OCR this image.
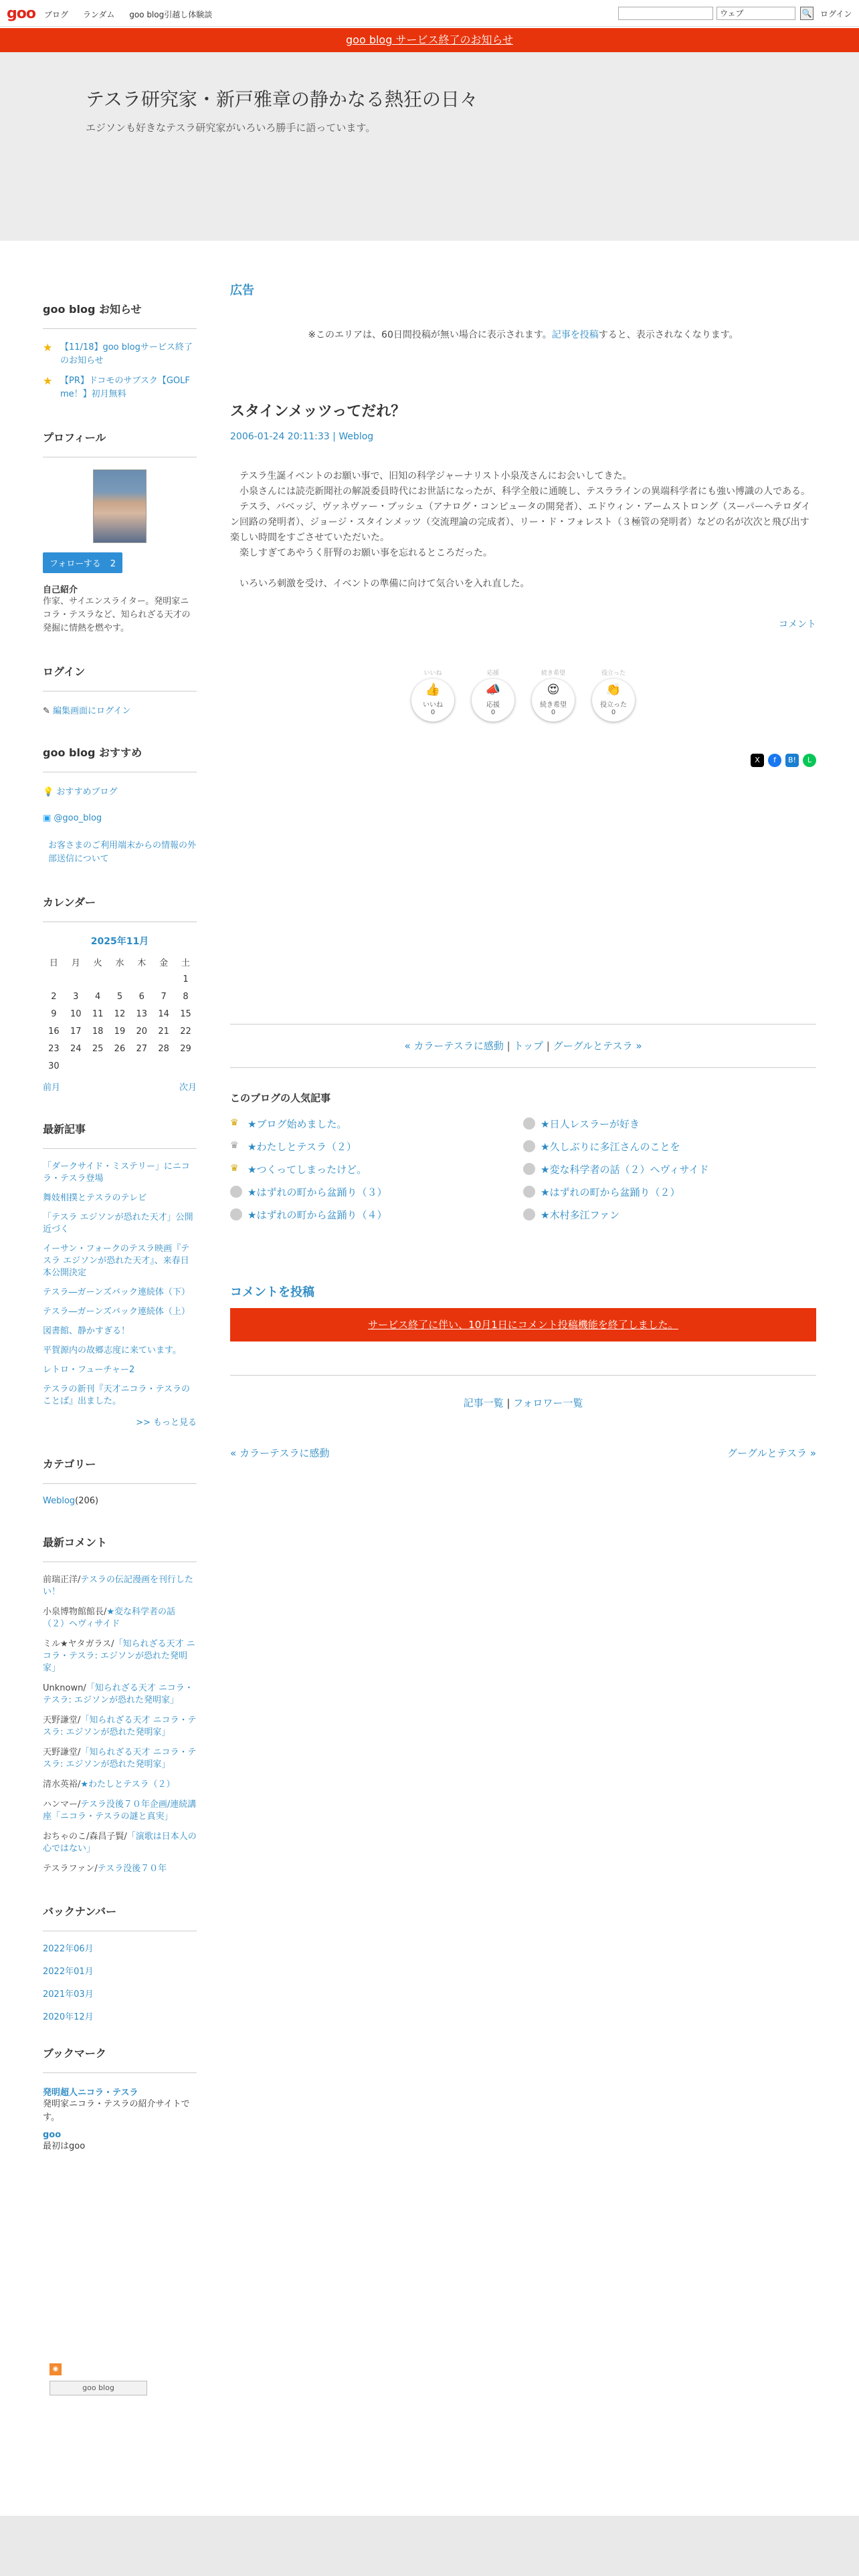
goo ブログ ランダム goo blog引越し体験談	ウェブ	🔍 ログイン
goo blog サービス終了のお知らせ
テスラ研究家・新戸雅章の静かなる熱狂の日々
エジソンも好きなテスラ研究家がいろいろ勝手に語っています。
goo blog お知らせ
★ 【11/18】goo blogサービス終了のお知らせ
★ 【PR】ドコモのサブスク【GOLF me！】初月無料
プロフィール
フォローする 2
自己紹介
作家、サイエンスライター。発明家ニコラ・テスラなど、知られざる天才の発掘に情熱を燃やす。
ログイン
✎ 編集画面にログイン
goo blog おすすめ
💡 おすすめブログ
▣ @goo_blog
お客さまのご利用端末からの情報の外部送信について
カレンダー
2025年11月
日	月	火	水	木	金	土
						1
2	3	4	5	6	7	8
9	10	11	12	13	14	15
16	17	18	19	20	21	22
23	24	25	26	27	28	29
30						
前月	次月
最新記事
「ダークサイド・ミステリー」にニコラ・テスラ登場
舞妓相撲とテスラのテレビ
「テスラ エジソンが恐れた天才」公開近づく
イーサン・フォークのテスラ映画『テスラ エジソンが恐れた天才』、来春日本公開決定
テスラ―ガーンズバック連続体（下）
テスラ―ガーンズバック連続体（上）
図書館、静かすぎる！
平賀源内の故郷志度に来ています。
レトロ・フューチャー2
テスラの新刊『天才ニコラ・テスラのことば』出ました。
>> もっと見る
カテゴリー
Weblog(206)
最新コメント
前瑞正洋/テスラの伝記漫画を刊行したい！
小泉博物館館長/★変な科学者の話（２）ヘヴィサイド
ミル★ヤタガラス/「知られざる天才 ニコラ・テスラ: エジソンが恐れた発明家」
Unknown/「知られざる天才 ニコラ・テスラ: エジソンが恐れた発明家」
天野謙堂/「知られざる天才 ニコラ・テスラ: エジソンが恐れた発明家」
天野謙堂/「知られざる天才 ニコラ・テスラ: エジソンが恐れた発明家」
清水英裕/★わたしとテスラ（２）
ハンマー/テスラ没後７０年企画/連続講座「ニコラ・テスラの謎と真実」
おちゃのこ/森昌子賢/「演歌は日本人の心ではない」
テスラファン/テスラ没後７０年
バックナンバー
2022年06月
2022年01月
2021年03月
2020年12月
ブックマーク
発明超人ニコラ・テスラ
発明家ニコラ・テスラの紹介サイトです。
goo
最初はgoo
◉
goo blog
広告
※このエリアは、60日間投稿が無い場合に表示されます。記事を投稿すると、表示されなくなります。
スタインメッツってだれ？
2006-01-24 20:11:33 | Weblog

　テスラ生誕イベントのお願い事で、旧知の科学ジャーナリスト小泉茂さんにお会いしてきた。

　小泉さんには読売新聞社の解説委員時代にお世話になったが、科学全般に通暁し、テスララインの異端科学者にも強い博識の人である。

　テスラ、バベッジ、ヴァネヴァー・ブッシュ（アナログ・コンピュータの開発者）、エドウィン・アームストロング（スーパーヘテロダイン回路の発明者）、ジョージ・スタインメッツ（交流理論の完成者）、リー・ド・フォレスト（３極管の発明者）などの名が次次と飛び出す楽しい時間をすごさせていただいた。

　楽しすぎてあやうく肝腎のお願い事を忘れるところだった。

　いろいろ刺激を受け、イベントの準備に向けて気合いを入れ直した。

コメント
いいね
👍
いいね
0
応援
📣
応援
0
続き希望
😍
続き希望
0
役立った
👏
役立った
0
X	f	B!	L
« カラーテスラに感動 | トップ | グーグルとテスラ »
このブログの人気記事
♛ ★ブログ始めました。	★日人レスラーが好き
♛ ★わたしとテスラ（２）	★久しぶりに多江さんのことを
♛ ★つくってしまったけど。	★変な科学者の話（２）ヘヴィサイド
★はずれの町から盆踊り（３）	★はずれの町から盆踊り（２）
★はずれの町から盆踊り（４）	★木村多江ファン
コメントを投稿
サービス終了に伴い、10月1日にコメント投稿機能を終了しました。
記事一覧 | フォロワー一覧
« カラーテスラに感動	グーグルとテスラ »
